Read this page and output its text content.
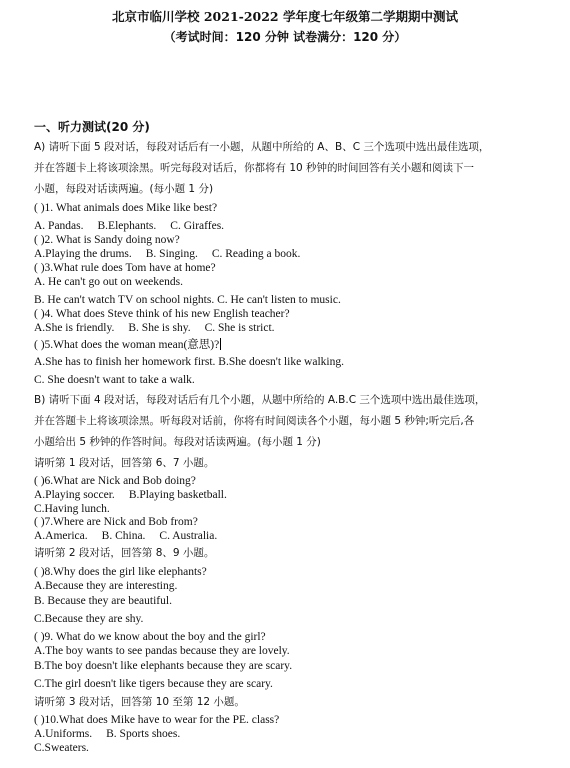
北京市临川学校 2021-2022 学年度七年级第二学期期中测试
（考试时间：120 分钟 试卷满分：120 分）
一、听力测试(20 分)
A) 请听下面 5 段对话，每段对话后有一小题，从题中所给的 A、B、C 三个选项中选出最佳选项，
并在答题卡上将该项涂黑。听完每段对话后，你都将有 10 秒钟的时间回答有关小题和阅读下一
小题，每段对话读两遍。(每小题 1 分)
( )1. What animals does Mike like best?
A. Pandas. B.Elephants. C. Giraffes.
( )2. What is Sandy doing now?
A.Playing the drums. B. Singing. C. Reading a book.
( )3.What rule does Tom have at home?
A. He can't go out on weekends.
B. He can't watch TV on school nights. C. He can't listen to music.
( )4. What does Steve think of his new English teacher?
A.She is friendly. B. She is shy. C. She is strict.
( )5.What does the woman mean(意思)?
A.She has to finish her homework first. B.She doesn't like walking.
C. She doesn't want to take a walk.
B) 请听下面 4 段对话，每段对话后有几个小题，从题中所给的 A.B.C 三个选项中选出最佳选项，
并在答题卡上将该项涂黑。听每段对话前，你将有时间阅读各个小题，每小题 5 秒钟;听完后,各
小题给出 5 秒钟的作答时间。每段对话读两遍。(每小题 1 分)
请听第 1 段对话，回答第 6、7 小题。
( )6.What are Nick and Bob doing?
A.Playing soccer. B.Playing basketball.
C.Having lunch.
( )7.Where are Nick and Bob from?
A.America. B. China. C. Australia.
请听第 2 段对话，回答第 8、9 小题。
( )8.Why does the girl like elephants?
A.Because they are interesting.
B. Because they are beautiful.
C.Because they are shy.
( )9. What do we know about the boy and the girl?
A.The boy wants to see pandas because they are lovely.
B.The boy doesn't like elephants because they are scary.
C.The girl doesn't like tigers because they are scary.
请听第 3 段对话，回答第 10 至第 12 小题。
( )10.What does Mike have to wear for the PE. class?
A.Uniforms. B. Sports shoes.
C.Sweaters.
